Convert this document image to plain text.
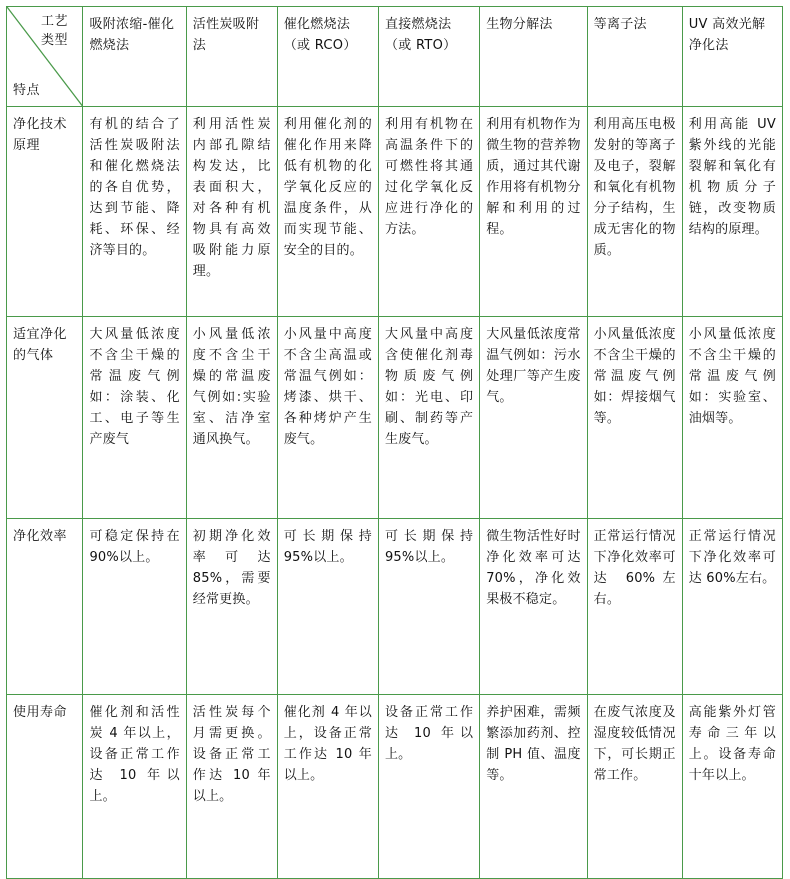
工艺
类型
特点	吸附浓缩-催化燃烧法	活性炭吸附法	催化燃烧法（或 RCO）	直接燃烧法（或 RTO）	生物分解法	等离子法	UV 高效光解净化法
净化技术原理	有机的结合了活性炭吸附法和催化燃烧法的各自优势，达到节能、降耗、环保、经济等目的。	利用活性炭内部孔隙结构发达，比表面积大，对各种有机物具有高效吸附能力原理。	利用催化剂的催化作用来降低有机物的化学氧化反应的温度条件，从而实现节能、安全的目的。	利用有机物在高温条件下的可燃性将其通过化学氧化反应进行净化的方法。	利用有机物作为微生物的营养物质，通过其代谢作用将有机物分解和利用的过程。	利用高压电极发射的等离子及电子，裂解和氧化有机物分子结构，生成无害化的物质。	利用高能 UV 紫外线的光能裂解和氧化有机物质分子链，改变物质结构的原理。
适宜净化的气体	大风量低浓度不含尘干燥的常温废气例如：涂装、化工、电子等生产废气	小风量低浓度不含尘干燥的常温废气例如:实验室、洁净室通风换气。	小风量中高度不含尘高温或常温气例如：烤漆、烘干、各种烤炉产生废气。	大风量中高度含使催化剂毒物质废气例如：光电、印刷、制药等产生废气。	大风量低浓度常温气例如：污水处理厂等产生废气。	小风量低浓度不含尘干燥的常温废气例如：焊接烟气等。	小风量低浓度不含尘干燥的常温废气例如：实验室、油烟等。
净化效率	可稳定保持在 90%以上。	初期净化效率可达 85%，需要经常更换。	可长期保持 95%以上。	可长期保持 95%以上。	微生物活性好时净化效率可达 70%，净化效果极不稳定。	正常运行情况下净化效率可达 60%左右。	正常运行情况下净化效率可达 60%左右。
使用寿命	催化剂和活性炭 4 年以上，设备正常工作达 10 年以上。	活性炭每个月需更换。设备正常工作达 10 年以上。	催化剂 4 年以上，设备正常工作达 10 年以上。	设备正常工作达 10 年以上。	养护困难，需频繁添加药剂、控制 PH 值、温度等。	在废气浓度及湿度较低情况下，可长期正常工作。	高能紫外灯管寿命三年以上。设备寿命十年以上。
